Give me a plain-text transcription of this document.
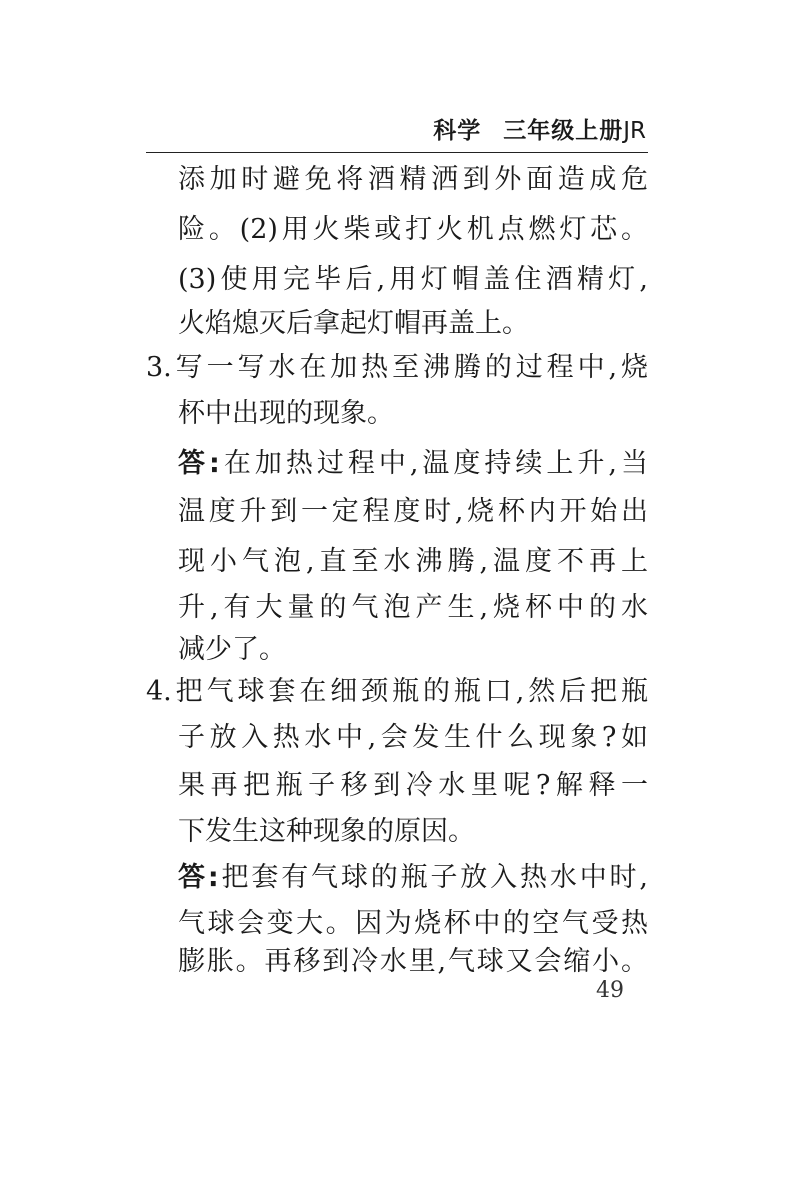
科学 三年级上册JR
添加时避免将酒精洒到外面造成危
险。(2)用火柴或打火机点燃灯芯。
(3)使用完毕后,用灯帽盖住酒精灯,
火焰熄灭后拿起灯帽再盖上。
3.写一写水在加热至沸腾的过程中,烧
杯中出现的现象。
答:在加热过程中,温度持续上升,当
温度升到一定程度时,烧杯内开始出
现小气泡,直至水沸腾,温度不再上
升,有大量的气泡产生,烧杯中的水
减少了。
4.把气球套在细颈瓶的瓶口,然后把瓶
子放入热水中,会发生什么现象?如
果再把瓶子移到冷水里呢?解释一
下发生这种现象的原因。
答:把套有气球的瓶子放入热水中时,
气球会变大。因为烧杯中的空气受热
膨胀。再移到冷水里,气球又会缩小。
49
